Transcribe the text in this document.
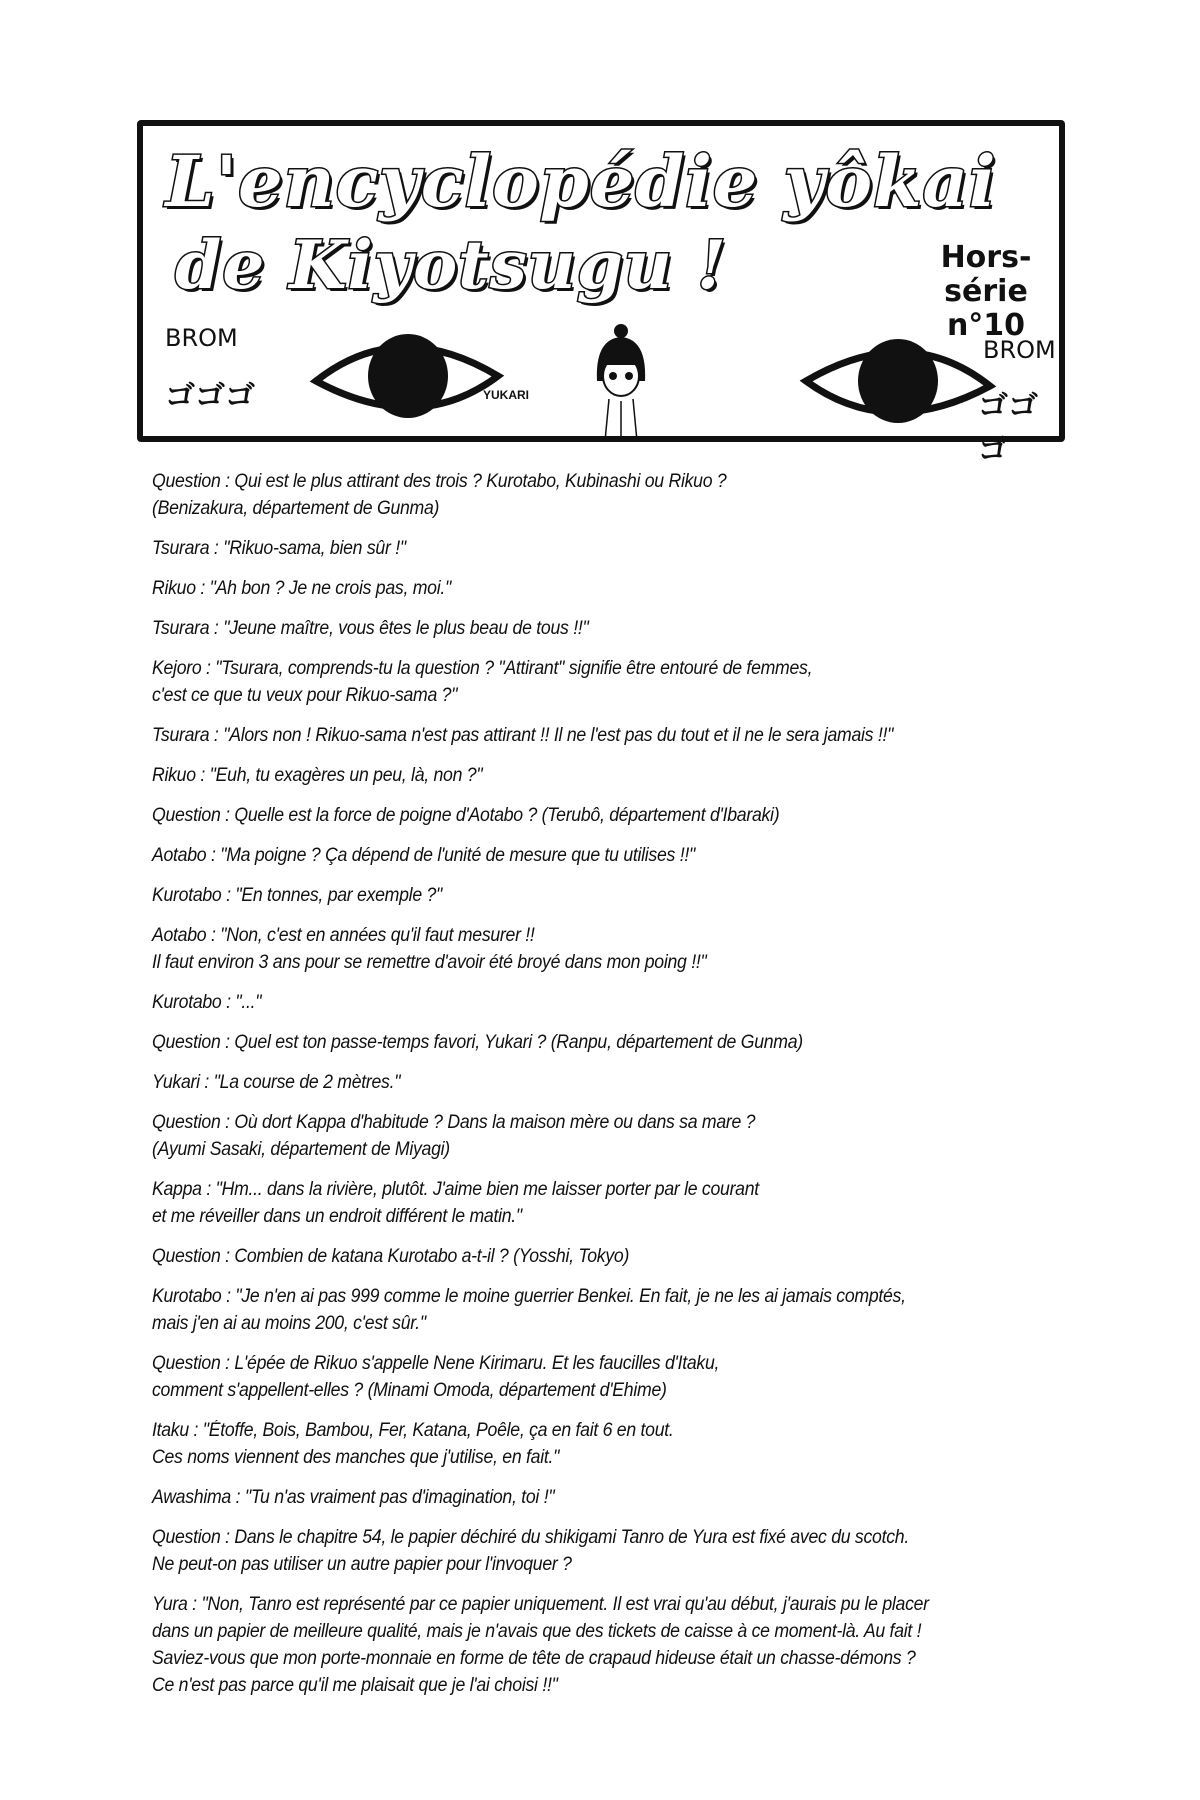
L'encyclopédie yôkai
de Kiyotsugu !	Hors-série
n°10
BROM
ゴゴゴ
BROM
ゴゴゴ
YUKARI
Question : Qui est le plus attirant des trois ? Kurotabo, Kubinashi ou Rikuo ?
(Benizakura, département de Gunma)
Tsurara : "Rikuo-sama, bien sûr !"
Rikuo : "Ah bon ? Je ne crois pas, moi."
Tsurara : "Jeune maître, vous êtes le plus beau de tous !!"
Kejoro : "Tsurara, comprends-tu la question ? "Attirant" signifie être entouré de femmes,
c'est ce que tu veux pour Rikuo-sama ?"
Tsurara : "Alors non ! Rikuo-sama n'est pas attirant !! Il ne l'est pas du tout et il ne le sera jamais !!"
Rikuo : "Euh, tu exagères un peu, là, non ?"
Question : Quelle est la force de poigne d'Aotabo ? (Terubô, département d'Ibaraki)
Aotabo : "Ma poigne ? Ça dépend de l'unité de mesure que tu utilises !!"
Kurotabo : "En tonnes, par exemple ?"
Aotabo : "Non, c'est en années qu'il faut mesurer !!
Il faut environ 3 ans pour se remettre d'avoir été broyé dans mon poing !!"
Kurotabo : "..."
Question : Quel est ton passe-temps favori, Yukari ? (Ranpu, département de Gunma)
Yukari : "La course de 2 mètres."
Question : Où dort Kappa d'habitude ? Dans la maison mère ou dans sa mare ?
(Ayumi Sasaki, département de Miyagi)
Kappa : "Hm... dans la rivière, plutôt. J'aime bien me laisser porter par le courant
et me réveiller dans un endroit différent le matin."
Question : Combien de katana Kurotabo a-t-il ? (Yosshi, Tokyo)
Kurotabo : "Je n'en ai pas 999 comme le moine guerrier Benkei. En fait, je ne les ai jamais comptés,
mais j'en ai au moins 200, c'est sûr."
Question : L'épée de Rikuo s'appelle Nene Kirimaru. Et les faucilles d'Itaku,
comment s'appellent-elles ? (Minami Omoda, département d'Ehime)
Itaku : "Étoffe, Bois, Bambou, Fer, Katana, Poêle, ça en fait 6 en tout.
Ces noms viennent des manches que j'utilise, en fait."
Awashima : "Tu n'as vraiment pas d'imagination, toi !"
Question : Dans le chapitre 54, le papier déchiré du shikigami Tanro de Yura est fixé avec du scotch.
Ne peut-on pas utiliser un autre papier pour l'invoquer ?
Yura : "Non, Tanro est représenté par ce papier uniquement. Il est vrai qu'au début, j'aurais pu le placer
dans un papier de meilleure qualité, mais je n'avais que des tickets de caisse à ce moment-là. Au fait !
Saviez-vous que mon porte-monnaie en forme de tête de crapaud hideuse était un chasse-démons ?
Ce n'est pas parce qu'il me plaisait que je l'ai choisi !!"
